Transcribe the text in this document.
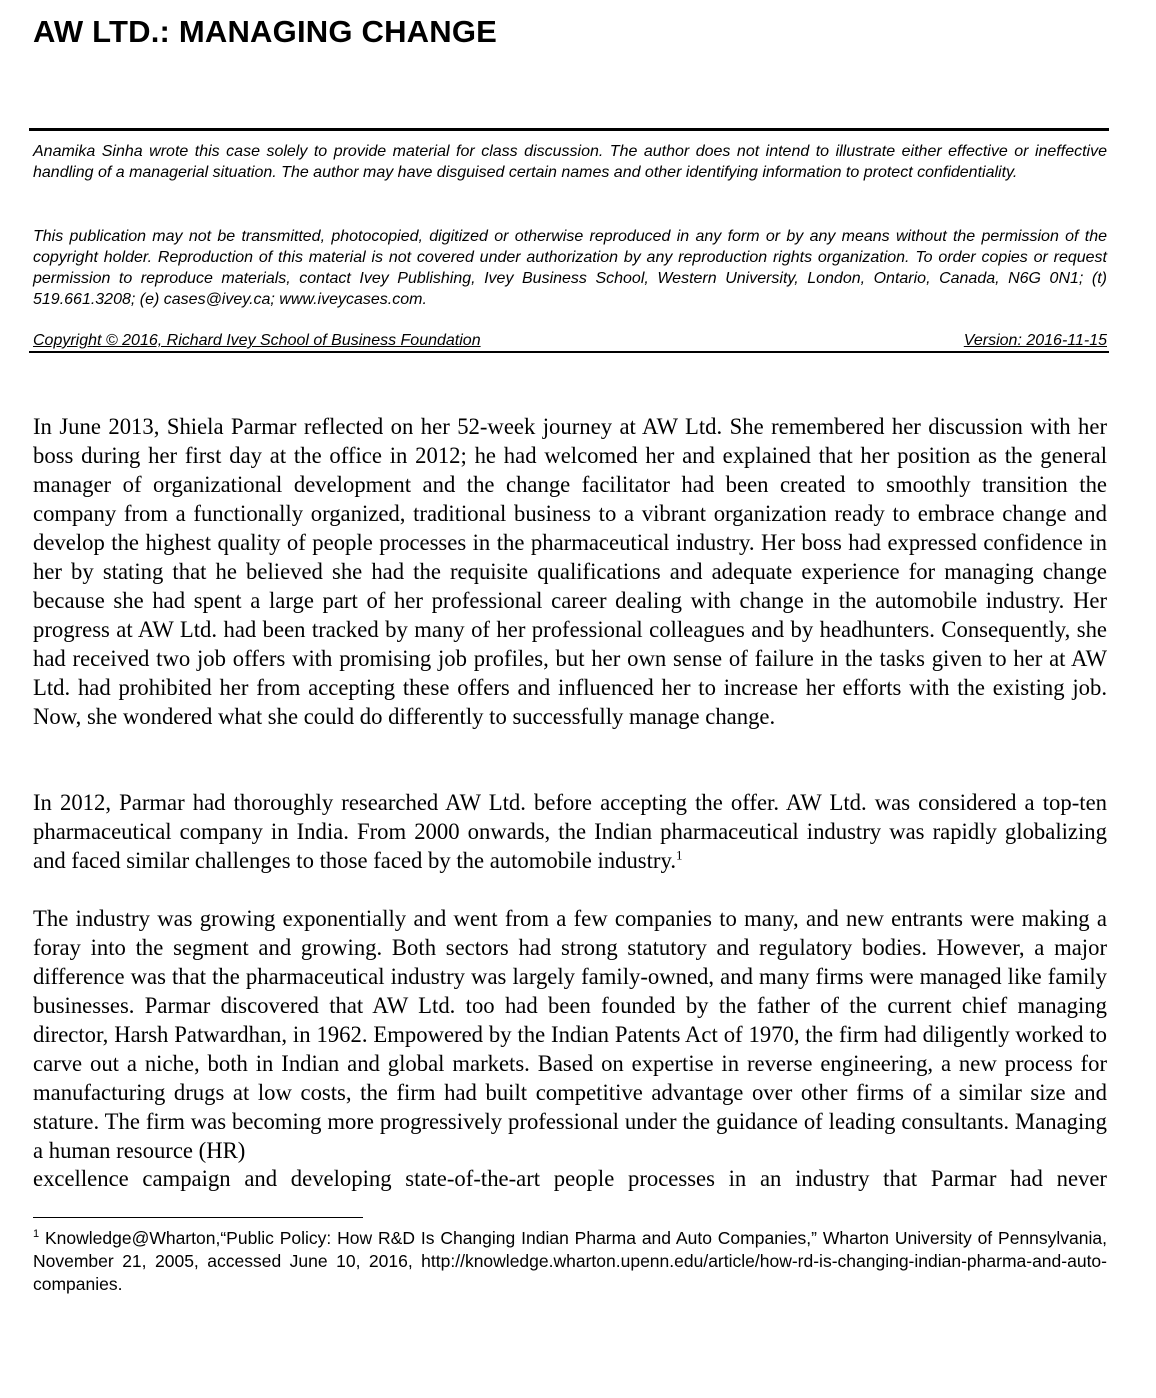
AW LTD.: MANAGING CHANGE

Anamika Sinha wrote this case solely to provide material for class discussion. The author does not intend to illustrate either effective or ineffective handling of a managerial situation. The author may have disguised certain names and other identifying information to protect confidentiality.

This publication may not be transmitted, photocopied, digitized or otherwise reproduced in any form or by any means without the permission of the copyright holder. Reproduction of this material is not covered under authorization by any reproduction rights organization. To order copies or request permission to reproduce materials, contact Ivey Publishing, Ivey Business School, Western University, London, Ontario, Canada, N6G 0N1; (t) 519.661.3208; (e) cases@ivey.ca; www.iveycases.com.

Copyright © 2016, Richard Ivey School of Business Foundation	Version: 2016-11-15

In June 2013, Shiela Parmar reflected on her 52-week journey at AW Ltd. She remembered her discussion with her boss during her first day at the office in 2012; he had welcomed her and explained that her position as the general manager of organizational development and the change facilitator had been created to smoothly transition the company from a functionally organized, traditional business to a vibrant organization ready to embrace change and develop the highest quality of people processes in the pharmaceutical industry. Her boss had expressed confidence in her by stating that he believed she had the requisite qualifications and adequate experience for managing change because she had spent a large part of her professional career dealing with change in the automobile industry. Her progress at AW Ltd. had been tracked by many of her professional colleagues and by headhunters. Consequently, she had received two job offers with promising job profiles, but her own sense of failure in the tasks given to her at AW Ltd. had prohibited her from accepting these offers and influenced her to increase her efforts with the existing job. Now, she wondered what she could do differently to successfully manage change.

In 2012, Parmar had thoroughly researched AW Ltd. before accepting the offer. AW Ltd. was considered a top-ten pharmaceutical company in India. From 2000 onwards, the Indian pharmaceutical industry was rapidly globalizing and faced similar challenges to those faced by the automobile industry.$^1$

The industry was growing exponentially and went from a few companies to many, and new entrants were making a foray into the segment and growing. Both sectors had strong statutory and regulatory bodies. However, a major difference was that the pharmaceutical industry was largely family-owned, and many firms were managed like family businesses. Parmar discovered that AW Ltd. too had been founded by the father of the current chief managing director, Harsh Patwardhan, in 1962. Empowered by the Indian Patents Act of 1970, the firm had diligently worked to carve out a niche, both in Indian and global markets. Based on expertise in reverse engineering, a new process for manufacturing drugs at low costs, the firm had built competitive advantage over other firms of a similar size and stature. The firm was becoming more progressively professional under the guidance of leading consultants. Managing a human resource (HR)

excellence campaign and developing state-of-the-art people processes in an industry that Parmar had never

$^1$ Knowledge@Wharton,“Public Policy: How R&D Is Changing Indian Pharma and Auto Companies,” Wharton University of Pennsylvania, November 21, 2005, accessed June 10, 2016, http://knowledge.wharton.upenn.edu/article/how-rd-is-changing-indian-pharma-and-auto-companies.
